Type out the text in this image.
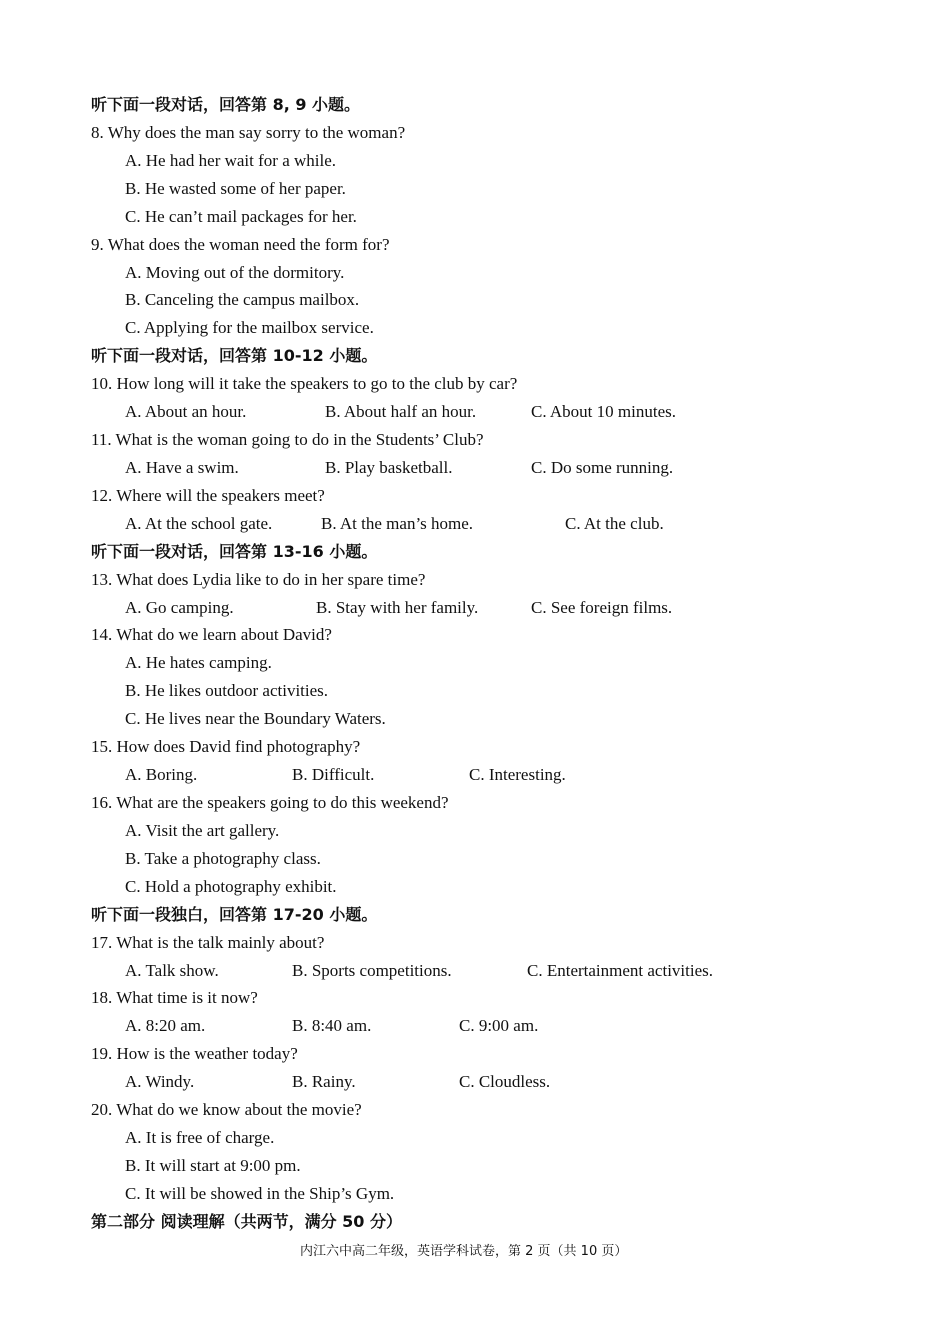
听下面一段对话，回答第 8, 9 小题。
8. Why does the man say sorry to the woman?
A. He had her wait for a while.
B. He wasted some of her paper.
C. He can’t mail packages for her.
9. What does the woman need the form for?
A. Moving out of the dormitory.
B. Canceling the campus mailbox.
C. Applying for the mailbox service.
听下面一段对话，回答第 10-12 小题。
10. How long will it take the speakers to go to the club by car?
A. About an hour.	B. About half an hour.	C. About 10 minutes.
11. What is the woman going to do in the Students’ Club?
A. Have a swim.	B. Play basketball.	C. Do some running.
12. Where will the speakers meet?
A. At the school gate.	B. At the man’s home.	C. At the club.
听下面一段对话，回答第 13-16 小题。
13. What does Lydia like to do in her spare time?
A. Go camping.	B. Stay with her family.	C. See foreign films.
14. What do we learn about David?
A. He hates camping.
B. He likes outdoor activities.
C. He lives near the Boundary Waters.
15. How does David find photography?
A. Boring.	B. Difficult.	C. Interesting.
16. What are the speakers going to do this weekend?
A. Visit the art gallery.
B. Take a photography class.
C. Hold a photography exhibit.
听下面一段独白，回答第 17-20 小题。
17. What is the talk mainly about?
A. Talk show.	B. Sports competitions.	C. Entertainment activities.
18. What time is it now?
A. 8:20 am.	B. 8:40 am.	C. 9:00 am.
19. How is the weather today?
A. Windy.	B. Rainy.	C. Cloudless.
20. What do we know about the movie?
A. It is free of charge.
B. It will start at 9:00 pm.
C. It will be showed in the Ship’s Gym.
第二部分 阅读理解（共两节，满分 50 分）
内江六中高二年级，英语学科试卷，第 2 页（共 10 页）
